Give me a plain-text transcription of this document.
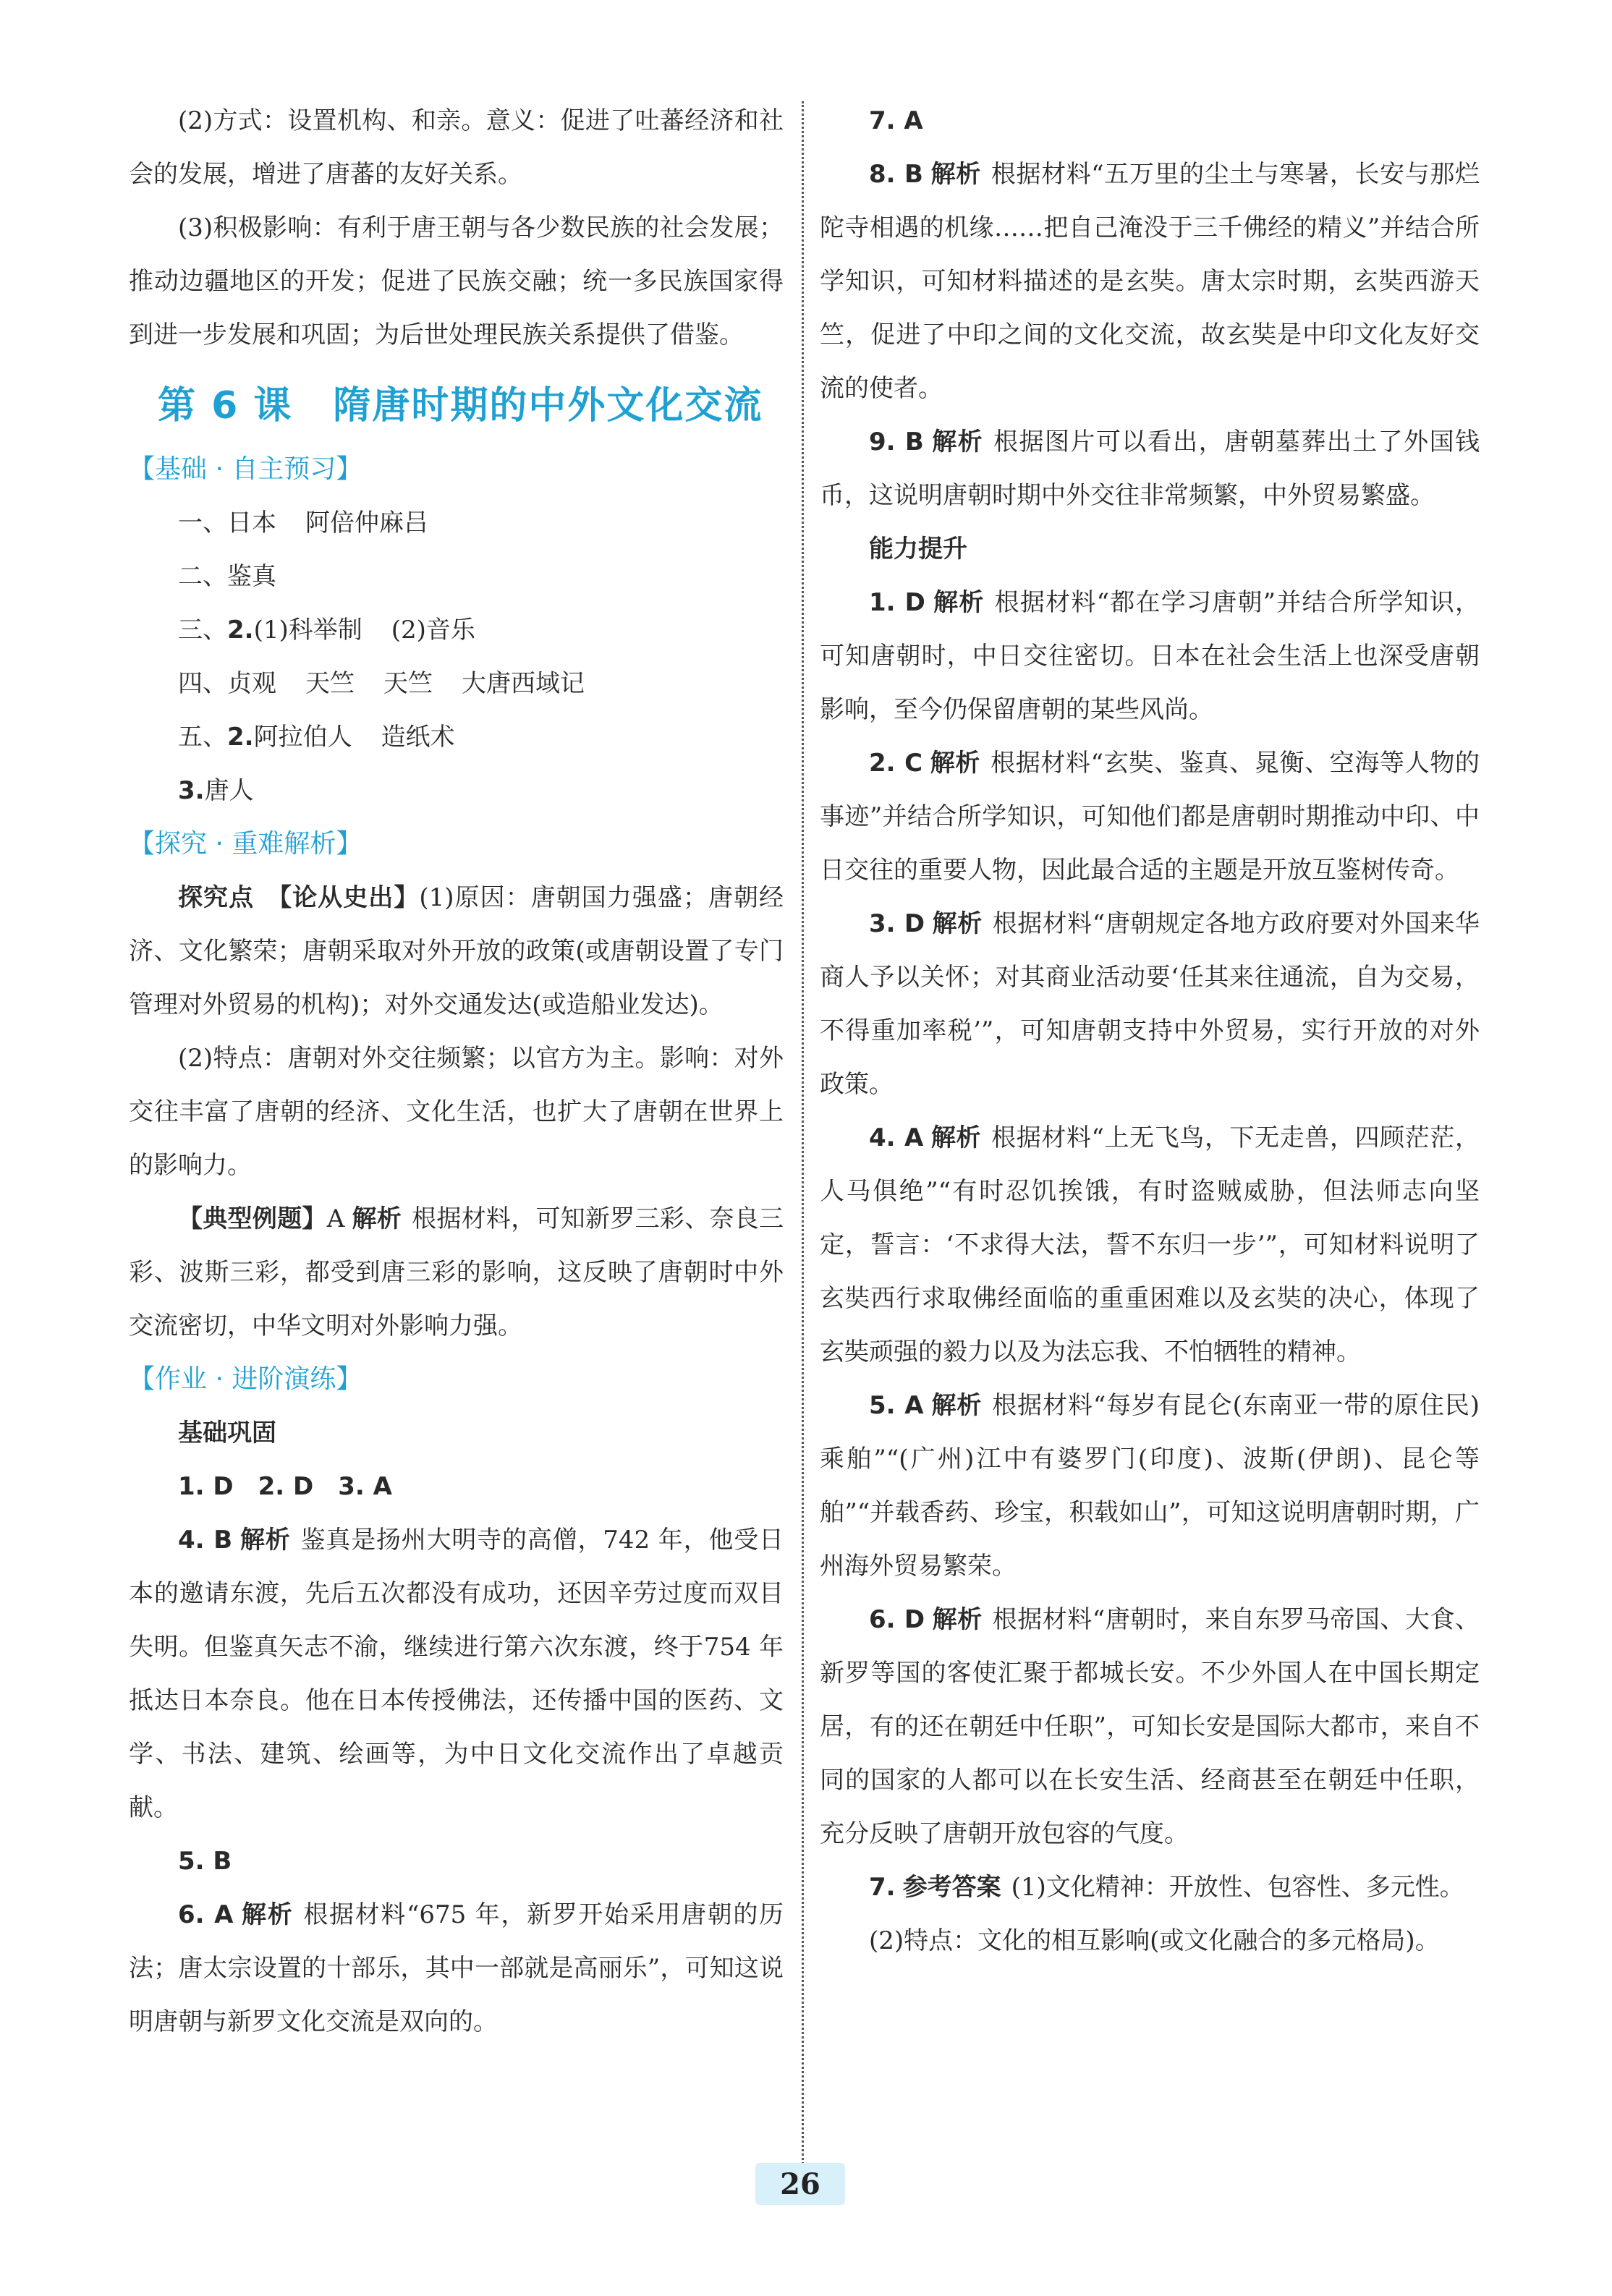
(2)方式：设置机构、和亲。意义：促进了吐蕃经济和社会的发展，增进了唐蕃的友好关系。

(3)积极影响：有利于唐王朝与各少数民族的社会发展；推动边疆地区的开发；促进了民族交融；统一多民族国家得到进一步发展和巩固；为后世处理民族关系提供了借鉴。

第 6 课 隋唐时期的中外文化交流

【基础 · 自主预习】

一、日本 阿倍仲麻吕

二、鉴真

三、2.(1)科举制 (2)音乐

四、贞观 天竺 天竺 大唐西域记

五、2.阿拉伯人 造纸术

3.唐人

【探究 · 重难解析】

探究点 【论从史出】(1)原因：唐朝国力强盛；唐朝经济、文化繁荣；唐朝采取对外开放的政策(或唐朝设置了专门管理对外贸易的机构)；对外交通发达(或造船业发达)。

(2)特点：唐朝对外交往频繁；以官方为主。影响：对外交往丰富了唐朝的经济、文化生活，也扩大了唐朝在世界上的影响力。

【典型例题】A 解析 根据材料，可知新罗三彩、奈良三彩、波斯三彩，都受到唐三彩的影响，这反映了唐朝时中外交流密切，中华文明对外影响力强。

【作业 · 进阶演练】

基础巩固

1. D　2. D　3. A

4. B 解析 鉴真是扬州大明寺的高僧，742 年，他受日本的邀请东渡，先后五次都没有成功，还因辛劳过度而双目失明。但鉴真矢志不渝，继续进行第六次东渡，终于754 年抵达日本奈良。他在日本传授佛法，还传播中国的医药、文学、书法、建筑、绘画等，为中日文化交流作出了卓越贡献。

5. B

6. A 解析 根据材料“675 年，新罗开始采用唐朝的历法；唐太宗设置的十部乐，其中一部就是高丽乐”，可知这说明唐朝与新罗文化交流是双向的。

7. A

8. B 解析 根据材料“五万里的尘土与寒暑，长安与那烂陀寺相遇的机缘……把自己淹没于三千佛经的精义”并结合所学知识，可知材料描述的是玄奘。唐太宗时期，玄奘西游天竺，促进了中印之间的文化交流，故玄奘是中印文化友好交流的使者。

9. B 解析 根据图片可以看出，唐朝墓葬出土了外国钱币，这说明唐朝时期中外交往非常频繁，中外贸易繁盛。

能力提升

1. D 解析 根据材料“都在学习唐朝”并结合所学知识，可知唐朝时，中日交往密切。日本在社会生活上也深受唐朝影响，至今仍保留唐朝的某些风尚。

2. C 解析 根据材料“玄奘、鉴真、晁衡、空海等人物的事迹”并结合所学知识，可知他们都是唐朝时期推动中印、中日交往的重要人物，因此最合适的主题是开放互鉴树传奇。

3. D 解析 根据材料“唐朝规定各地方政府要对外国来华商人予以关怀；对其商业活动要‘任其来往通流，自为交易，不得重加率税’”，可知唐朝支持中外贸易，实行开放的对外政策。

4. A 解析 根据材料“上无飞鸟，下无走兽，四顾茫茫，人马俱绝”“有时忍饥挨饿，有时盗贼威胁，但法师志向坚定，誓言：‘不求得大法，誓不东归一步’”，可知材料说明了玄奘西行求取佛经面临的重重困难以及玄奘的决心，体现了玄奘顽强的毅力以及为法忘我、不怕牺牲的精神。

5. A 解析 根据材料“每岁有昆仑(东南亚一带的原住民)乘舶”“(广州)江中有婆罗门(印度)、波斯(伊朗)、昆仑等舶”“并载香药、珍宝，积载如山”，可知这说明唐朝时期，广州海外贸易繁荣。

6. D 解析 根据材料“唐朝时，来自东罗马帝国、大食、新罗等国的客使汇聚于都城长安。不少外国人在中国长期定居，有的还在朝廷中任职”，可知长安是国际大都市，来自不同的国家的人都可以在长安生活、经商甚至在朝廷中任职，充分反映了唐朝开放包容的气度。

7. 参考答案 (1)文化精神：开放性、包容性、多元性。

(2)特点：文化的相互影响(或文化融合的多元格局)。

26
